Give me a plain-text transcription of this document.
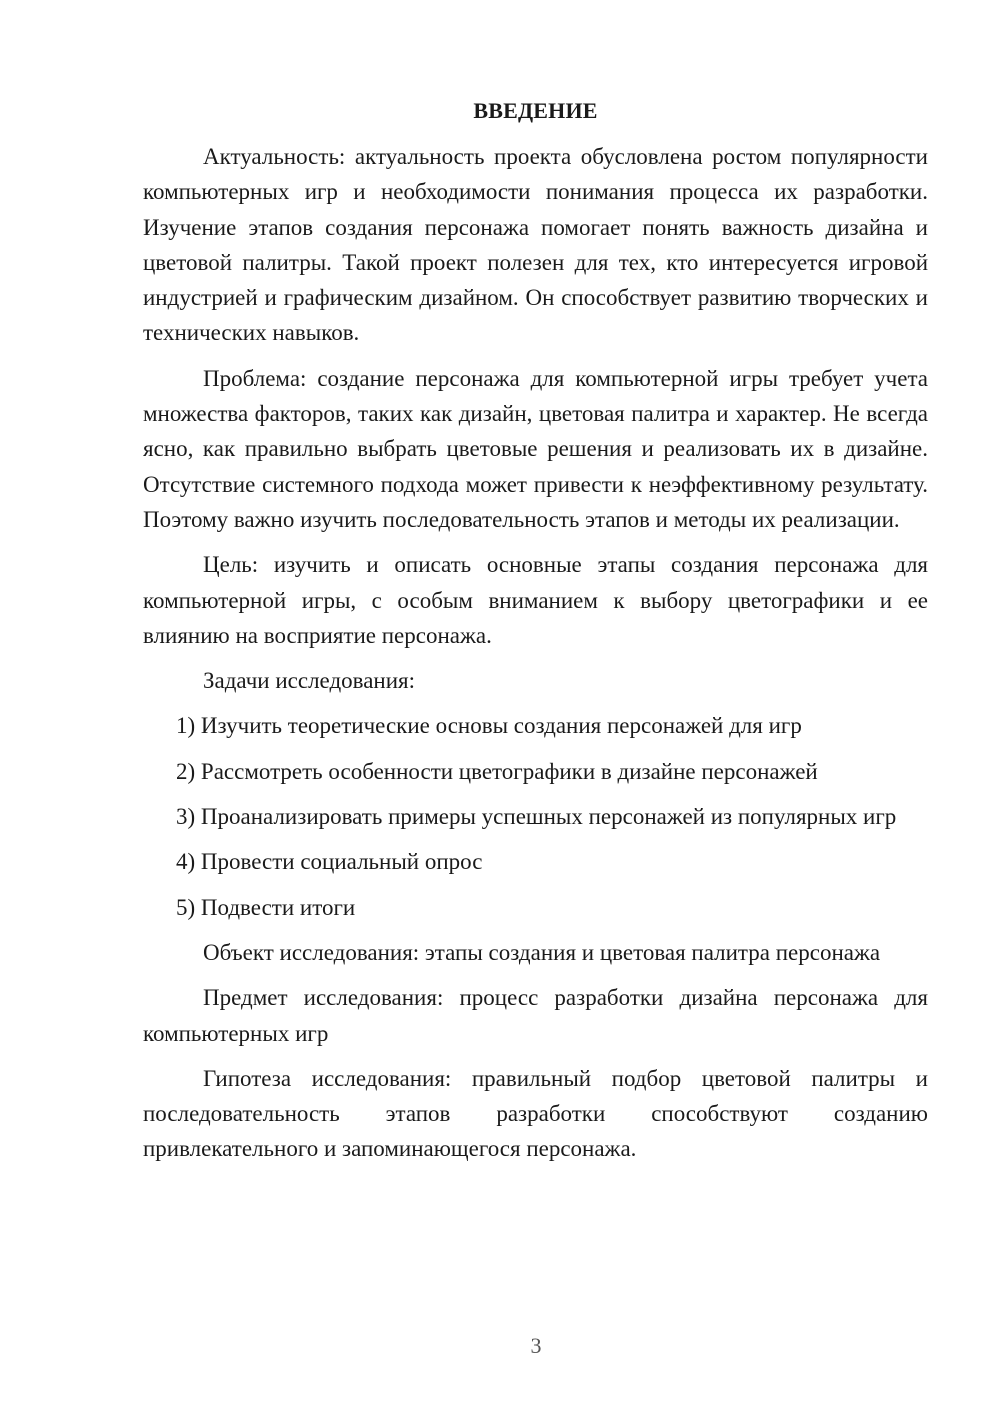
ВВЕДЕНИЕ

Актуальность: актуальность проекта обусловлена ростом популярности компьютерных игр и необходимости понимания процесса их разработки. Изучение этапов создания персонажа помогает понять важность дизайна и цветовой палитры. Такой проект полезен для тех, кто интересуется игровой индустрией и графическим дизайном. Он способствует развитию творческих и технических навыков.

Проблема: создание персонажа для компьютерной игры требует учета множества факторов, таких как дизайн, цветовая палитра и характер. Не всегда ясно, как правильно выбрать цветовые решения и реализовать их в дизайне. Отсутствие системного подхода может привести к неэффективному результату. Поэтому важно изучить последовательность этапов и методы их реализации.

Цель: изучить и описать основные этапы создания персонажа для компьютерной игры, с особым вниманием к выбору цветографики и ее влиянию на восприятие персонажа.

Задачи исследования:

1) Изучить теоретические основы создания персонажей для игр

2) Рассмотреть особенности цветографики в дизайне персонажей

3) Проанализировать примеры успешных персонажей из популярных игр

4) Провести социальный опрос

5) Подвести итоги

Объект исследования: этапы создания и цветовая палитра персонажа

Предмет исследования: процесс разработки дизайна персонажа для компьютерных игр

Гипотеза исследования: правильный подбор цветовой палитры и последовательность этапов разработки способствуют созданию привлекательного и запоминающегося персонажа.

3
